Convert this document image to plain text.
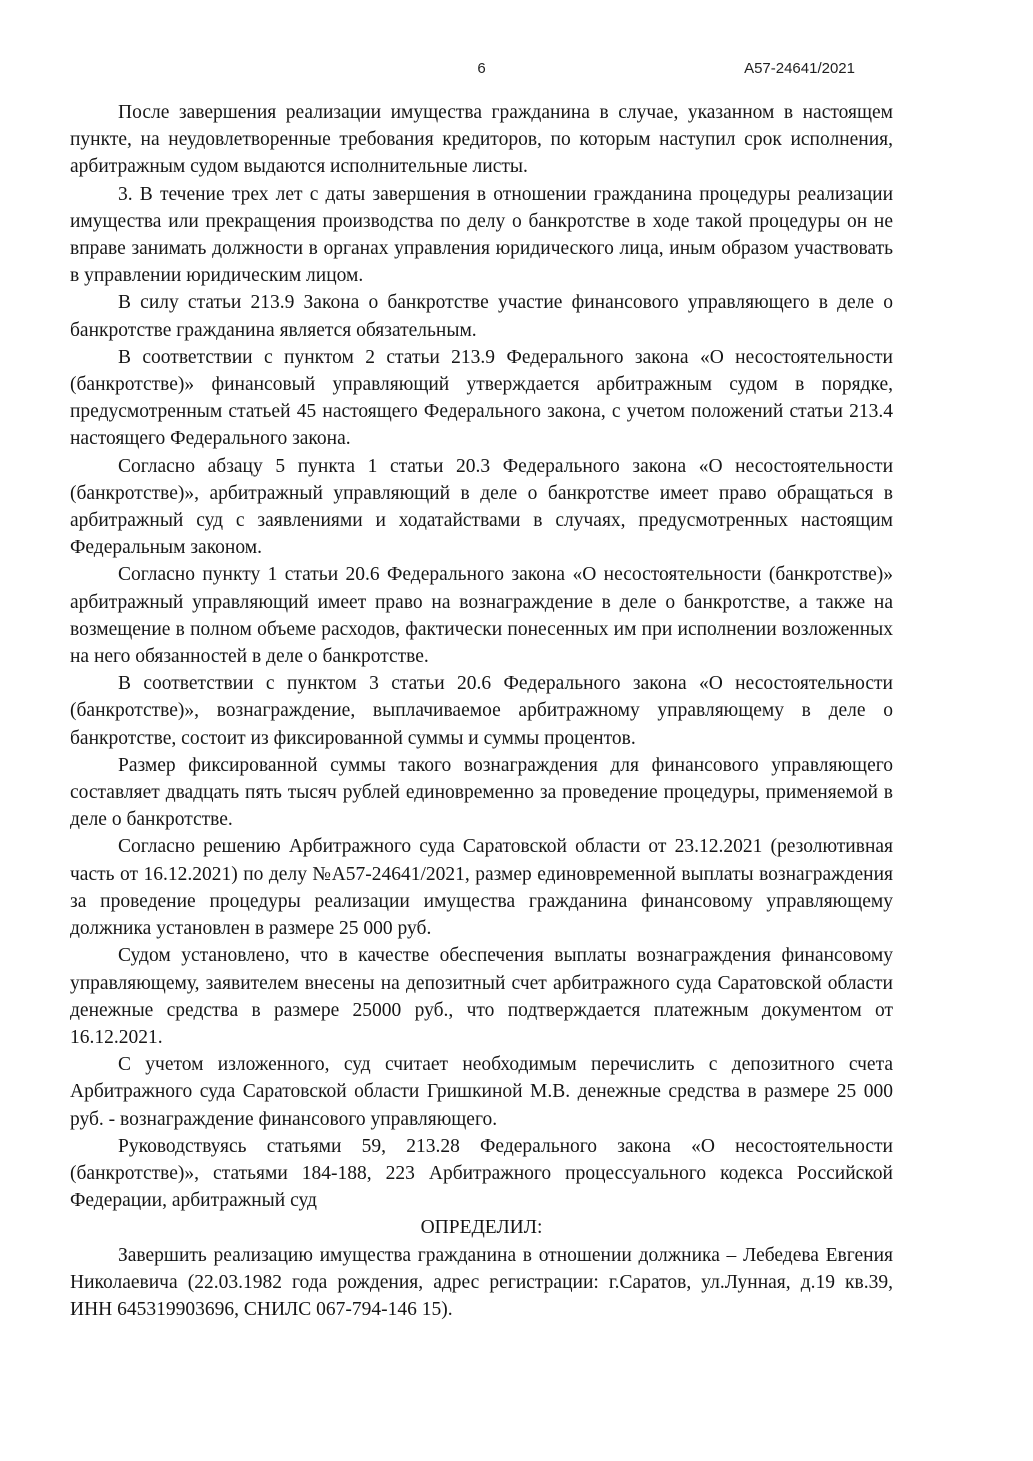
6	А57-24641/2021

После завершения реализации имущества гражданина в случае, указанном в настоящем пункте, на неудовлетворенные требования кредиторов, по которым наступил срок исполнения, арбитражным судом выдаются исполнительные листы.

3. В течение трех лет с даты завершения в отношении гражданина процедуры реализации имущества или прекращения производства по делу о банкротстве в ходе такой процедуры он не вправе занимать должности в органах управления юридического лица, иным образом участвовать в управлении юридическим лицом.

В силу статьи 213.9 Закона о банкротстве участие финансового управляющего в деле о банкротстве гражданина является обязательным.

В соответствии с пунктом 2 статьи 213.9 Федерального закона «О несостоятельности (банкротстве)» финансовый управляющий утверждается арбитражным судом в порядке, предусмотренным статьей 45 настоящего Федерального закона, с учетом положений статьи 213.4 настоящего Федерального закона.

Согласно абзацу 5 пункта 1 статьи 20.3 Федерального закона «О несостоятельности (банкротстве)», арбитражный управляющий в деле о банкротстве имеет право обращаться в арбитражный суд с заявлениями и ходатайствами в случаях, предусмотренных настоящим Федеральным законом.

Согласно пункту 1 статьи 20.6 Федерального закона «О несостоятельности (банкротстве)» арбитражный управляющий имеет право на вознаграждение в деле о банкротстве, а также на возмещение в полном объеме расходов, фактически понесенных им при исполнении возложенных на него обязанностей в деле о банкротстве.

В соответствии с пунктом 3 статьи 20.6 Федерального закона «О несостоятельности (банкротстве)», вознаграждение, выплачиваемое арбитражному управляющему в деле о банкротстве, состоит из фиксированной суммы и суммы процентов.

Размер фиксированной суммы такого вознаграждения для финансового управляющего составляет двадцать пять тысяч рублей единовременно за проведение процедуры, применяемой в деле о банкротстве.

Согласно решению Арбитражного суда Саратовской области от 23.12.2021 (резолютивная часть от 16.12.2021) по делу №А57-24641/2021, размер единовременной выплаты вознаграждения за проведение процедуры реализации имущества гражданина финансовому управляющему должника установлен в размере 25 000 руб.

Судом установлено, что в качестве обеспечения выплаты вознаграждения финансовому управляющему, заявителем внесены на депозитный счет арбитражного суда Саратовской области денежные средства в размере 25000 руб., что подтверждается платежным документом от 16.12.2021.

С учетом изложенного, суд считает необходимым перечислить с депозитного счета Арбитражного суда Саратовской области Гришкиной М.В. денежные средства в размере 25 000 руб. - вознаграждение финансового управляющего.

Руководствуясь статьями 59, 213.28 Федерального закона «О несостоятельности (банкротстве)», статьями 184-188, 223 Арбитражного процессуального кодекса Российской Федерации, арбитражный суд

ОПРЕДЕЛИЛ:

Завершить реализацию имущества гражданина в отношении должника – Лебедева Евгения Николаевича (22.03.1982 года рождения, адрес регистрации: г.Саратов, ул.Лунная, д.19 кв.39, ИНН 645319903696, СНИЛС 067-794-146 15).
